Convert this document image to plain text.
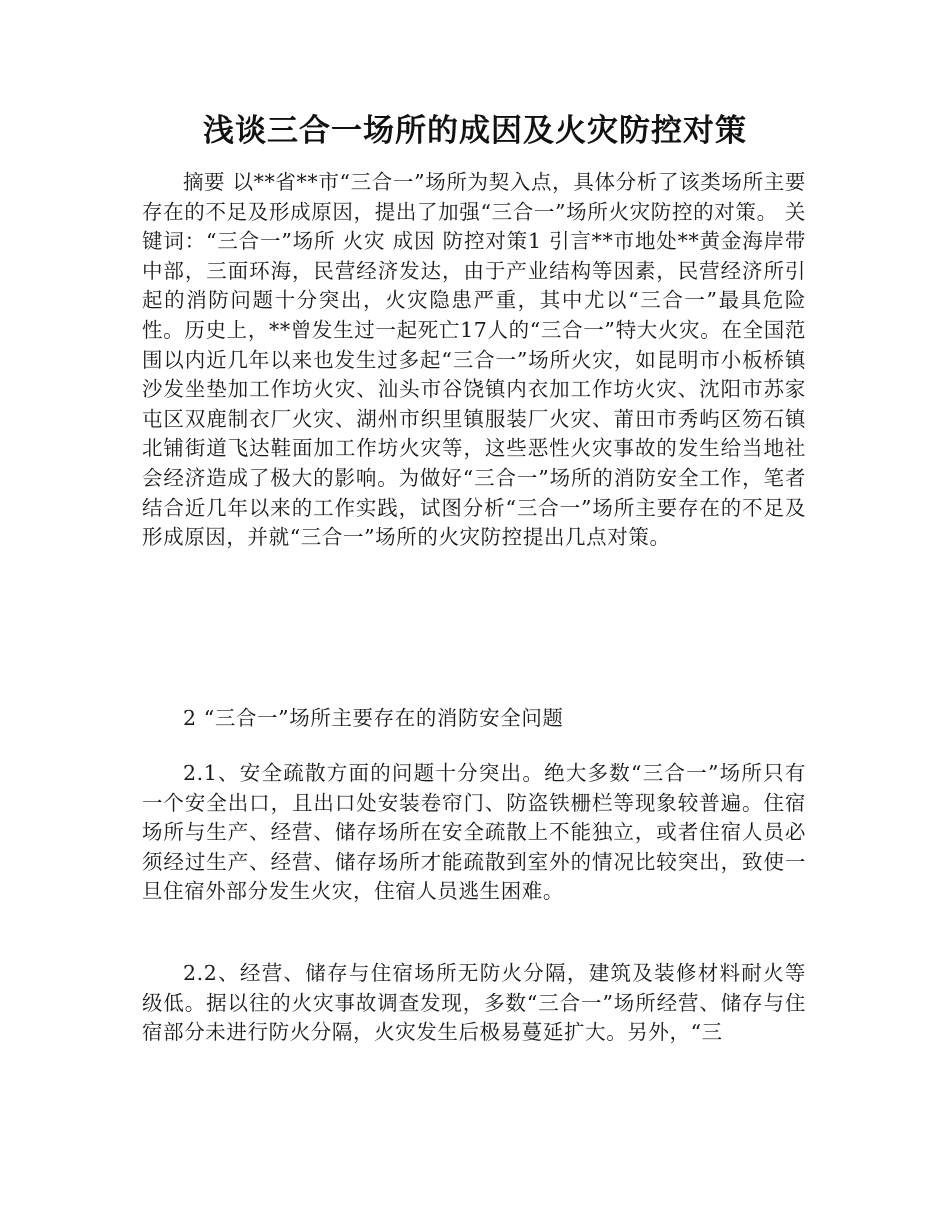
浅谈三合一场所的成因及火灾防控对策

摘要 以**省**市“三合一”场所为契入点，具体分析了该类场所主要存在的不足及形成原因，提出了加强“三合一”场所火灾防控的对策。 关键词：“三合一”场所 火灾 成因 防控对策1 引言**市地处**黄金海岸带中部，三面环海，民营经济发达，由于产业结构等因素，民营经济所引起的消防问题十分突出，火灾隐患严重，其中尤以“三合一”最具危险性。历史上，**曾发生过一起死亡17人的“三合一”特大火灾。在全国范围以内近几年以来也发生过多起“三合一”场所火灾，如昆明市小板桥镇沙发坐垫加工作坊火灾、汕头市谷饶镇内衣加工作坊火灾、沈阳市苏家屯区双鹿制衣厂火灾、湖州市织里镇服装厂火灾、莆田市秀屿区笏石镇北铺街道飞达鞋面加工作坊火灾等，这些恶性火灾事故的发生给当地社会经济造成了极大的影响。为做好“三合一”场所的消防安全工作，笔者结合近几年以来的工作实践，试图分析“三合一”场所主要存在的不足及形成原因，并就“三合一”场所的火灾防控提出几点对策。

2 “三合一”场所主要存在的消防安全问题

2.1、安全疏散方面的问题十分突出。绝大多数“三合一”场所只有一个安全出口，且出口处安装卷帘门、防盗铁栅栏等现象较普遍。住宿场所与生产、经营、储存场所在安全疏散上不能独立，或者住宿人员必须经过生产、经营、储存场所才能疏散到室外的情况比较突出，致使一旦住宿外部分发生火灾，住宿人员逃生困难。

2.2、经营、储存与住宿场所无防火分隔，建筑及装修材料耐火等级低。据以往的火灾事故调查发现，多数“三合一”场所经营、储存与住宿部分未进行防火分隔，火灾发生后极易蔓延扩大。另外，“三
